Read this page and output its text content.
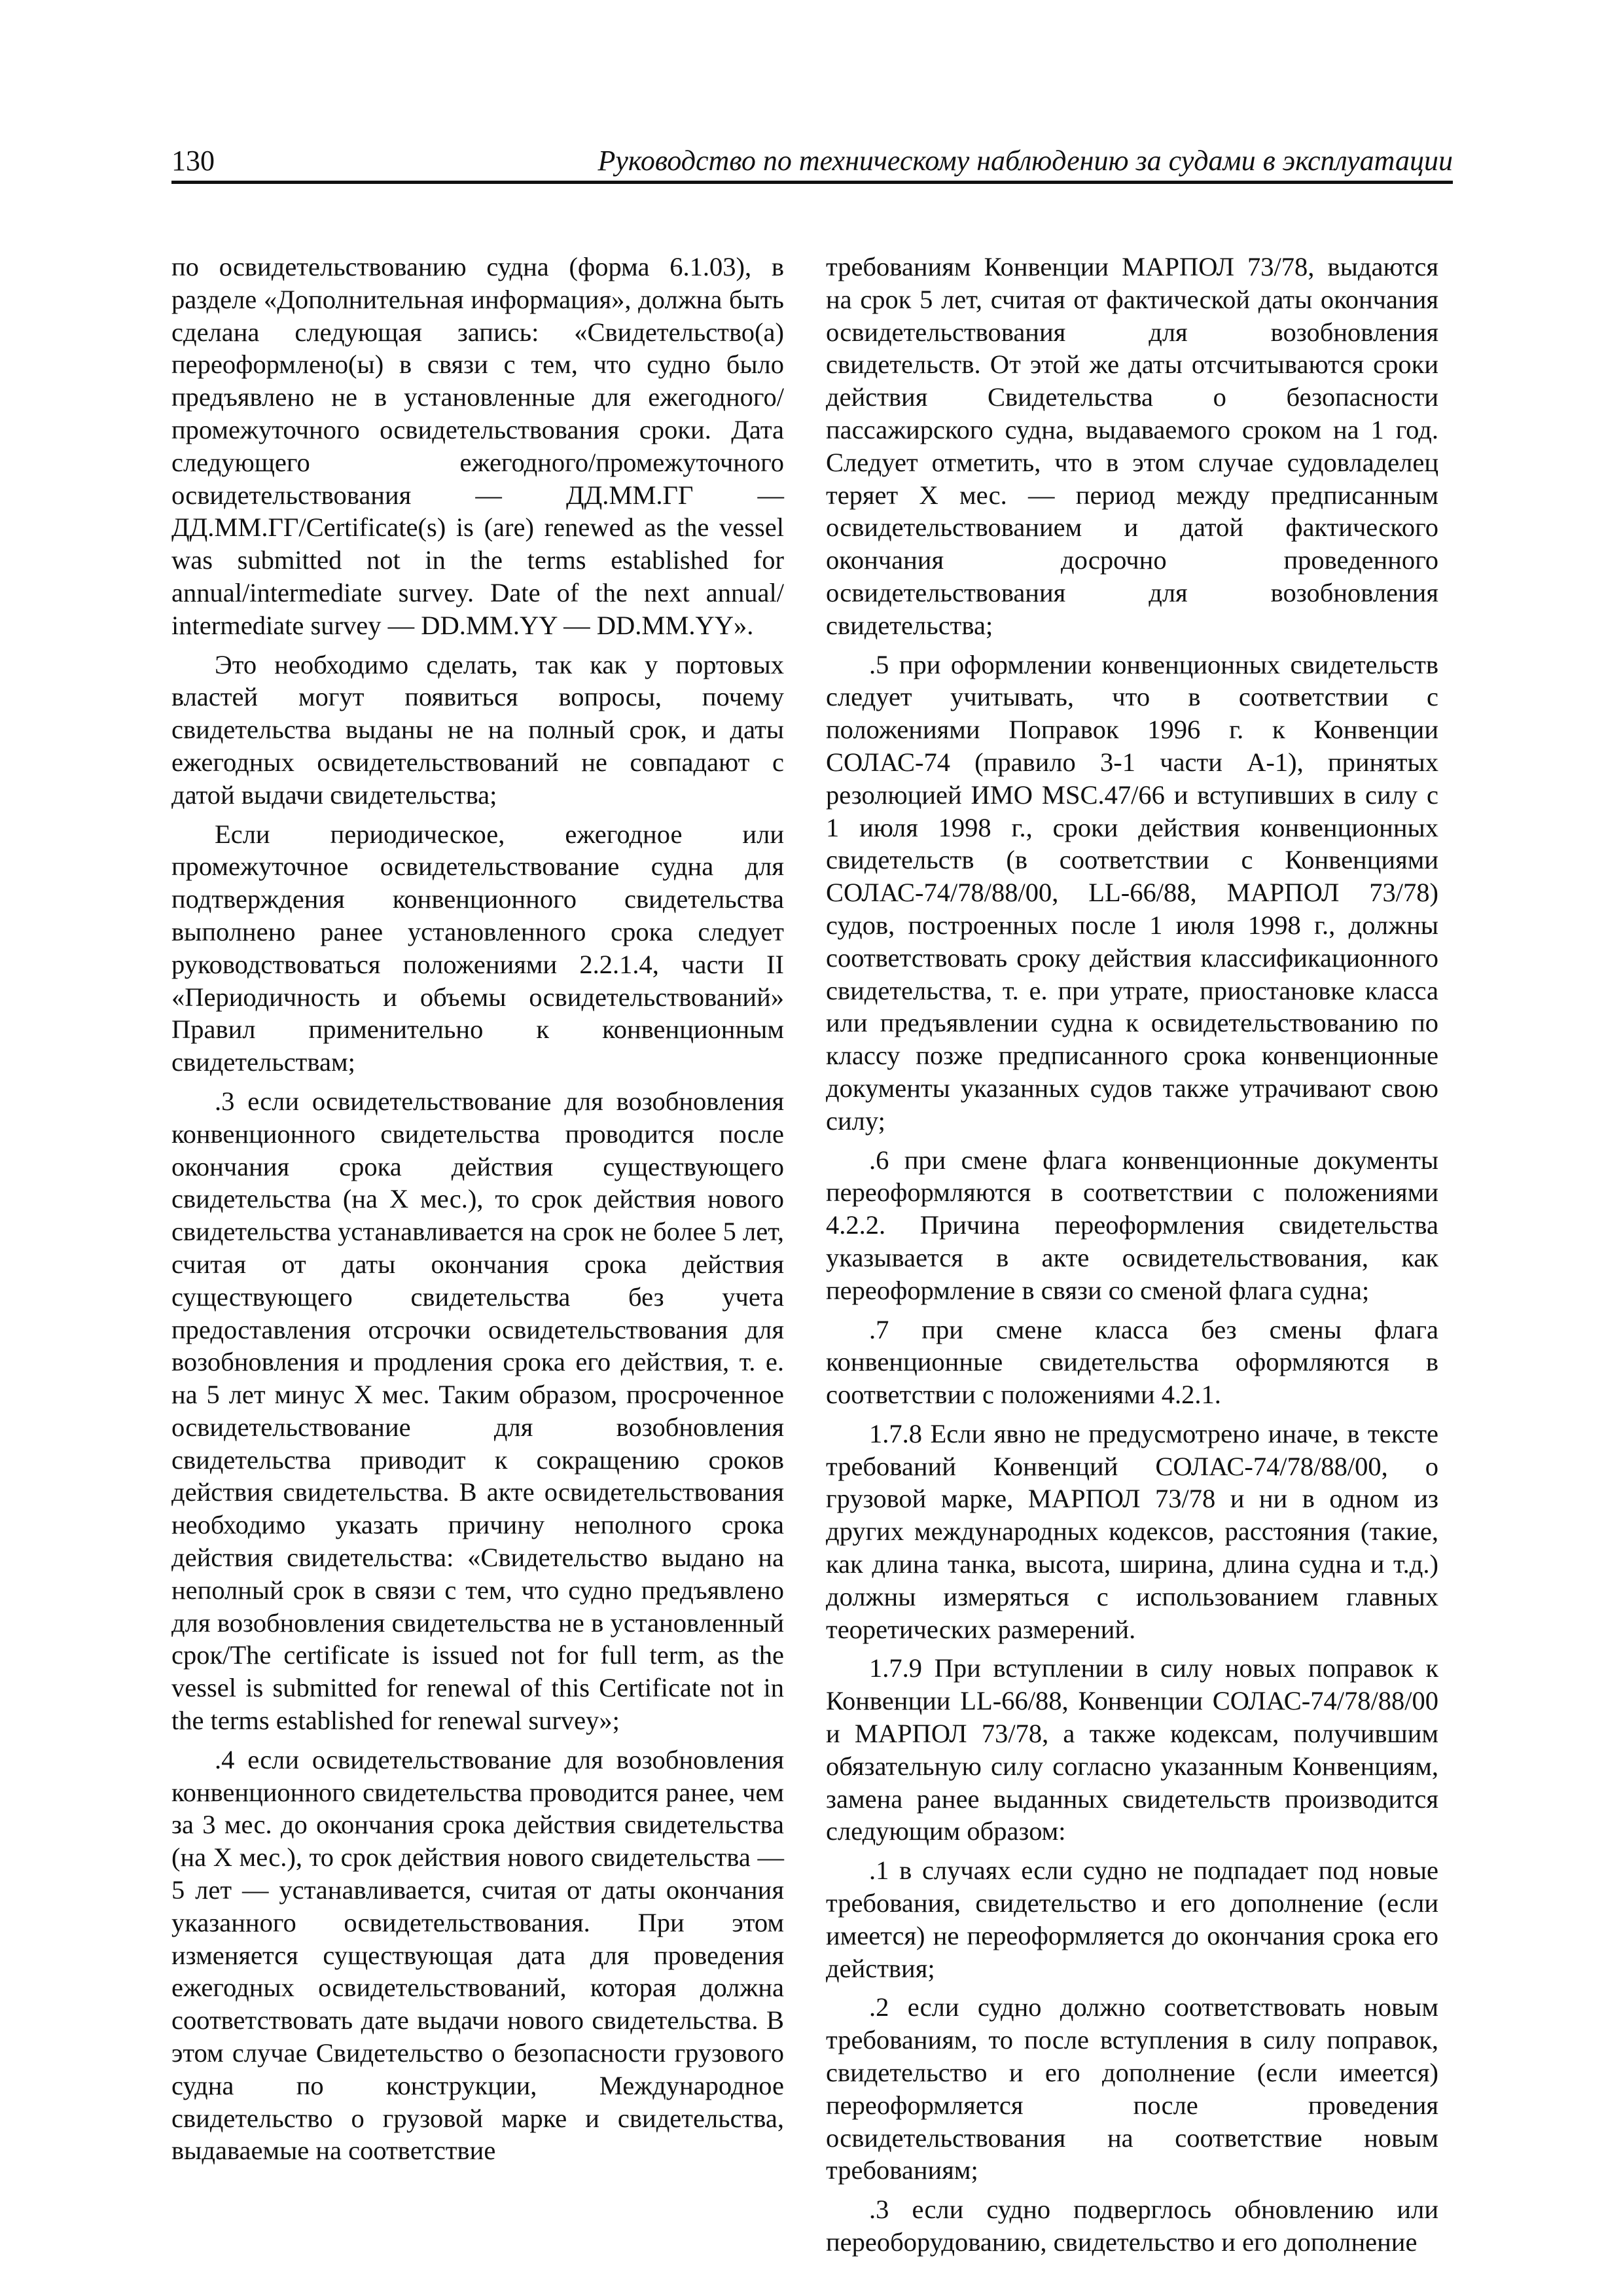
130	Руководство по техническому наблюдению за судами в эксплуатации

по освидетельствованию судна (форма 6.1.03), в разделе «Дополнительная информация», должна быть сделана следующая запись: «Свидетельство(а) переоформлено(ы) в связи с тем, что судно было предъявлено не в установленные для ежегодного/промежуточного освидетельствования сроки. Дата следующего ежегодного/промежуточного освидетельствования — ДД.ММ.ГГ — ДД.ММ.ГГ/Certificate(s) is (are) renewed as the vessel was submitted not in the terms established for annual/intermediate survey. Date of the next annual/ intermediate survey — DD.MM.YY — DD.MM.YY».

Это необходимо сделать, так как у портовых властей могут появиться вопросы, почему свидетельства выданы не на полный срок, и даты ежегодных освидетельствований не совпадают с датой выдачи свидетельства;

Если периодическое, ежегодное или промежуточное освидетельствование судна для подтверждения конвенционного свидетельства выполнено ранее установленного срока следует руководствоваться положениями 2.2.1.4, части II «Периодичность и объемы освидетельствований» Правил применительно к конвенционным свидетельствам;

.3 если освидетельствование для возобновления конвенционного свидетельства проводится после окончания срока действия существующего свидетельства (на X мес.), то срок действия нового свидетельства устанавливается на срок не более 5 лет, считая от даты окончания срока действия существующего свидетельства без учета предоставления отсрочки освидетельствования для возобновления и продления срока его действия, т. е. на 5 лет минус X мес. Таким образом, просроченное освидетельствование для возобновления свидетельства приводит к сокращению сроков действия свидетельства. В акте освидетельствования необходимо указать причину неполного срока действия свидетельства: «Свидетельство выдано на неполный срок в связи с тем, что судно предъявлено для возобновления свидетельства не в установленный срок/The certificate is issued not for full term, as the vessel is submitted for renewal of this Certificate not in the terms established for renewal survey»;

.4 если освидетельствование для возобновления конвенционного свидетельства проводится ранее, чем за 3 мес. до окончания срока действия свидетельства (на X мес.), то срок действия нового свидетельства — 5 лет — устанавливается, считая от даты окончания указанного освидетельствования. При этом изменяется существующая дата для проведения ежегодных освидетельствований, которая должна соответствовать дате выдачи нового свидетельства. В этом случае Свидетельство о безопасности грузового судна по конструкции, Международное свидетельство о грузовой марке и свидетельства, выдаваемые на соответствие

требованиям Конвенции МАРПОЛ 73/78, выдаются на срок 5 лет, считая от фактической даты окончания освидетельствования для возобновления свидетельств. От этой же даты отсчитываются сроки действия Свидетельства о безопасности пассажирского судна, выдаваемого сроком на 1 год. Следует отметить, что в этом случае судовладелец теряет X мес. — период между предписанным освидетельствованием и датой фактического окончания досрочно проведенного освидетельствования для возобновления свидетельства;

.5 при оформлении конвенционных свидетельств следует учитывать, что в соответствии с положениями Поправок 1996 г. к Конвенции СОЛАС-74 (правило 3-1 части А-1), принятых резолюцией ИМО MSC.47/66 и вступивших в силу с 1 июля 1998 г., сроки действия конвенционных свидетельств (в соответствии с Конвенциями СОЛАС-74/78/88/00, LL-66/88, МАРПОЛ 73/78) судов, построенных после 1 июля 1998 г., должны соответствовать сроку действия классификационного свидетельства, т. е. при утрате, приостановке класса или предъявлении судна к освидетельствованию по классу позже предписанного срока конвенционные документы указанных судов также утрачивают свою силу;

.6 при смене флага конвенционные документы переоформляются в соответствии с положениями 4.2.2. Причина переоформления свидетельства указывается в акте освидетельствования, как переоформление в связи со сменой флага судна;

.7 при смене класса без смены флага конвенционные свидетельства оформляются в соответствии с положениями 4.2.1.

1.7.8 Если явно не предусмотрено иначе, в тексте требований Конвенций СОЛАС-74/78/88/00, о грузовой марке, МАРПОЛ 73/78 и ни в одном из других международных кодексов, расстояния (такие, как длина танка, высота, ширина, длина судна и т.д.) должны измеряться с использованием главных теоретических размерений.

1.7.9 При вступлении в силу новых поправок к Конвенции LL-66/88, Конвенции СОЛАС-74/78/88/00 и МАРПОЛ 73/78, а также кодексам, получившим обязательную силу согласно указанным Конвенциям, замена ранее выданных свидетельств производится следующим образом:

.1 в случаях если судно не подпадает под новые требования, свидетельство и его дополнение (если имеется) не переоформляется до окончания срока его действия;

.2 если судно должно соответствовать новым требованиям, то после вступления в силу поправок, свидетельство и его дополнение (если имеется) переоформляется после проведения освидетельствования на соответствие новым требованиям;

.3 если судно подверглось обновлению или переоборудованию, свидетельство и его дополнение
